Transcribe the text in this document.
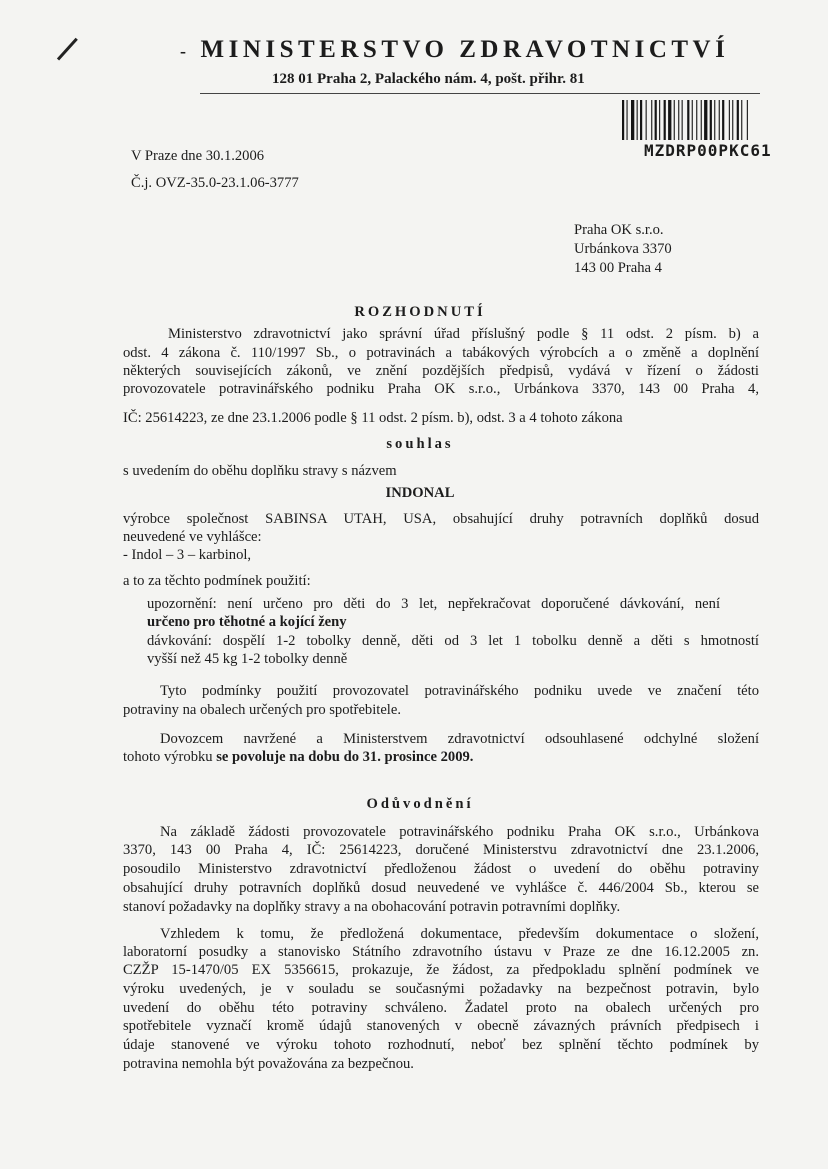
- MINISTERSTVO ZDRAVOTNICTVÍ
128 01 Praha 2, Palackého nám. 4, pošt. přihr. 81
MZDRP00PKC61
V Praze dne 30.1.2006
Č.j. OVZ-35.0-23.1.06-3777
Praha OK s.r.o.
Urbánkova 3370
143 00 Praha 4
ROZHODNUTÍ
Ministerstvo zdravotnictví jako správní úřad příslušný podle § 11 odst. 2 písm. b) a
odst. 4 zákona č. 110/1997 Sb., o potravinách a tabákových výrobcích a o změně a doplnění
některých souvisejících zákonů, ve znění pozdějších předpisů, vydává v řízení o žádosti
provozovatele potravinářského podniku Praha OK s.r.o., Urbánkova 3370, 143 00 Praha 4,
IČ: 25614223, ze dne 23.1.2006 podle § 11 odst. 2 písm. b), odst. 3 a 4 tohoto zákona
souhlas
s uvedením do oběhu doplňku stravy s názvem
INDONAL
výrobce společnost SABINSA UTAH, USA, obsahující druhy potravních doplňků dosud
neuvedené ve vyhlášce:
- Indol – 3 – karbinol,
a to za těchto podmínek použití:
upozornění: není určeno pro děti do 3 let, nepřekračovat doporučené dávkování, není
určeno pro těhotné a kojící ženy
dávkování: dospělí 1-2 tobolky denně, děti od 3 let 1 tobolku denně a děti s hmotností
vyšší než 45 kg 1-2 tobolky denně
Tyto podmínky použití provozovatel potravinářského podniku uvede ve značení této
potraviny na obalech určených pro spotřebitele.
Dovozcem navržené a Ministerstvem zdravotnictví odsouhlasené odchylné složení
tohoto výrobku se povoluje na dobu do 31. prosince 2009.
Odůvodnění
Na základě žádosti provozovatele potravinářského podniku Praha OK s.r.o., Urbánkova
3370, 143 00 Praha 4, IČ: 25614223, doručené Ministerstvu zdravotnictví dne 23.1.2006,
posoudilo Ministerstvo zdravotnictví předloženou žádost o uvedení do oběhu potraviny
obsahující druhy potravních doplňků dosud neuvedené ve vyhlášce č. 446/2004 Sb., kterou se
stanoví požadavky na doplňky stravy a na obohacování potravin potravními doplňky.
Vzhledem k tomu, že předložená dokumentace, především dokumentace o složení,
laboratorní posudky a stanovisko Státního zdravotního ústavu v Praze ze dne 16.12.2005 zn.
CZŽP 15-1470/05 EX 5356615, prokazuje, že žádost, za předpokladu splnění podmínek ve
výroku uvedených, je v souladu se současnými požadavky na bezpečnost potravin, bylo
uvedení do oběhu této potraviny schváleno. Žadatel proto na obalech určených pro
spotřebitele vyznačí kromě údajů stanovených v obecně závazných právních předpisech i
údaje stanovené ve výroku tohoto rozhodnutí, neboť bez splnění těchto podmínek by
potravina nemohla být považována za bezpečnou.
